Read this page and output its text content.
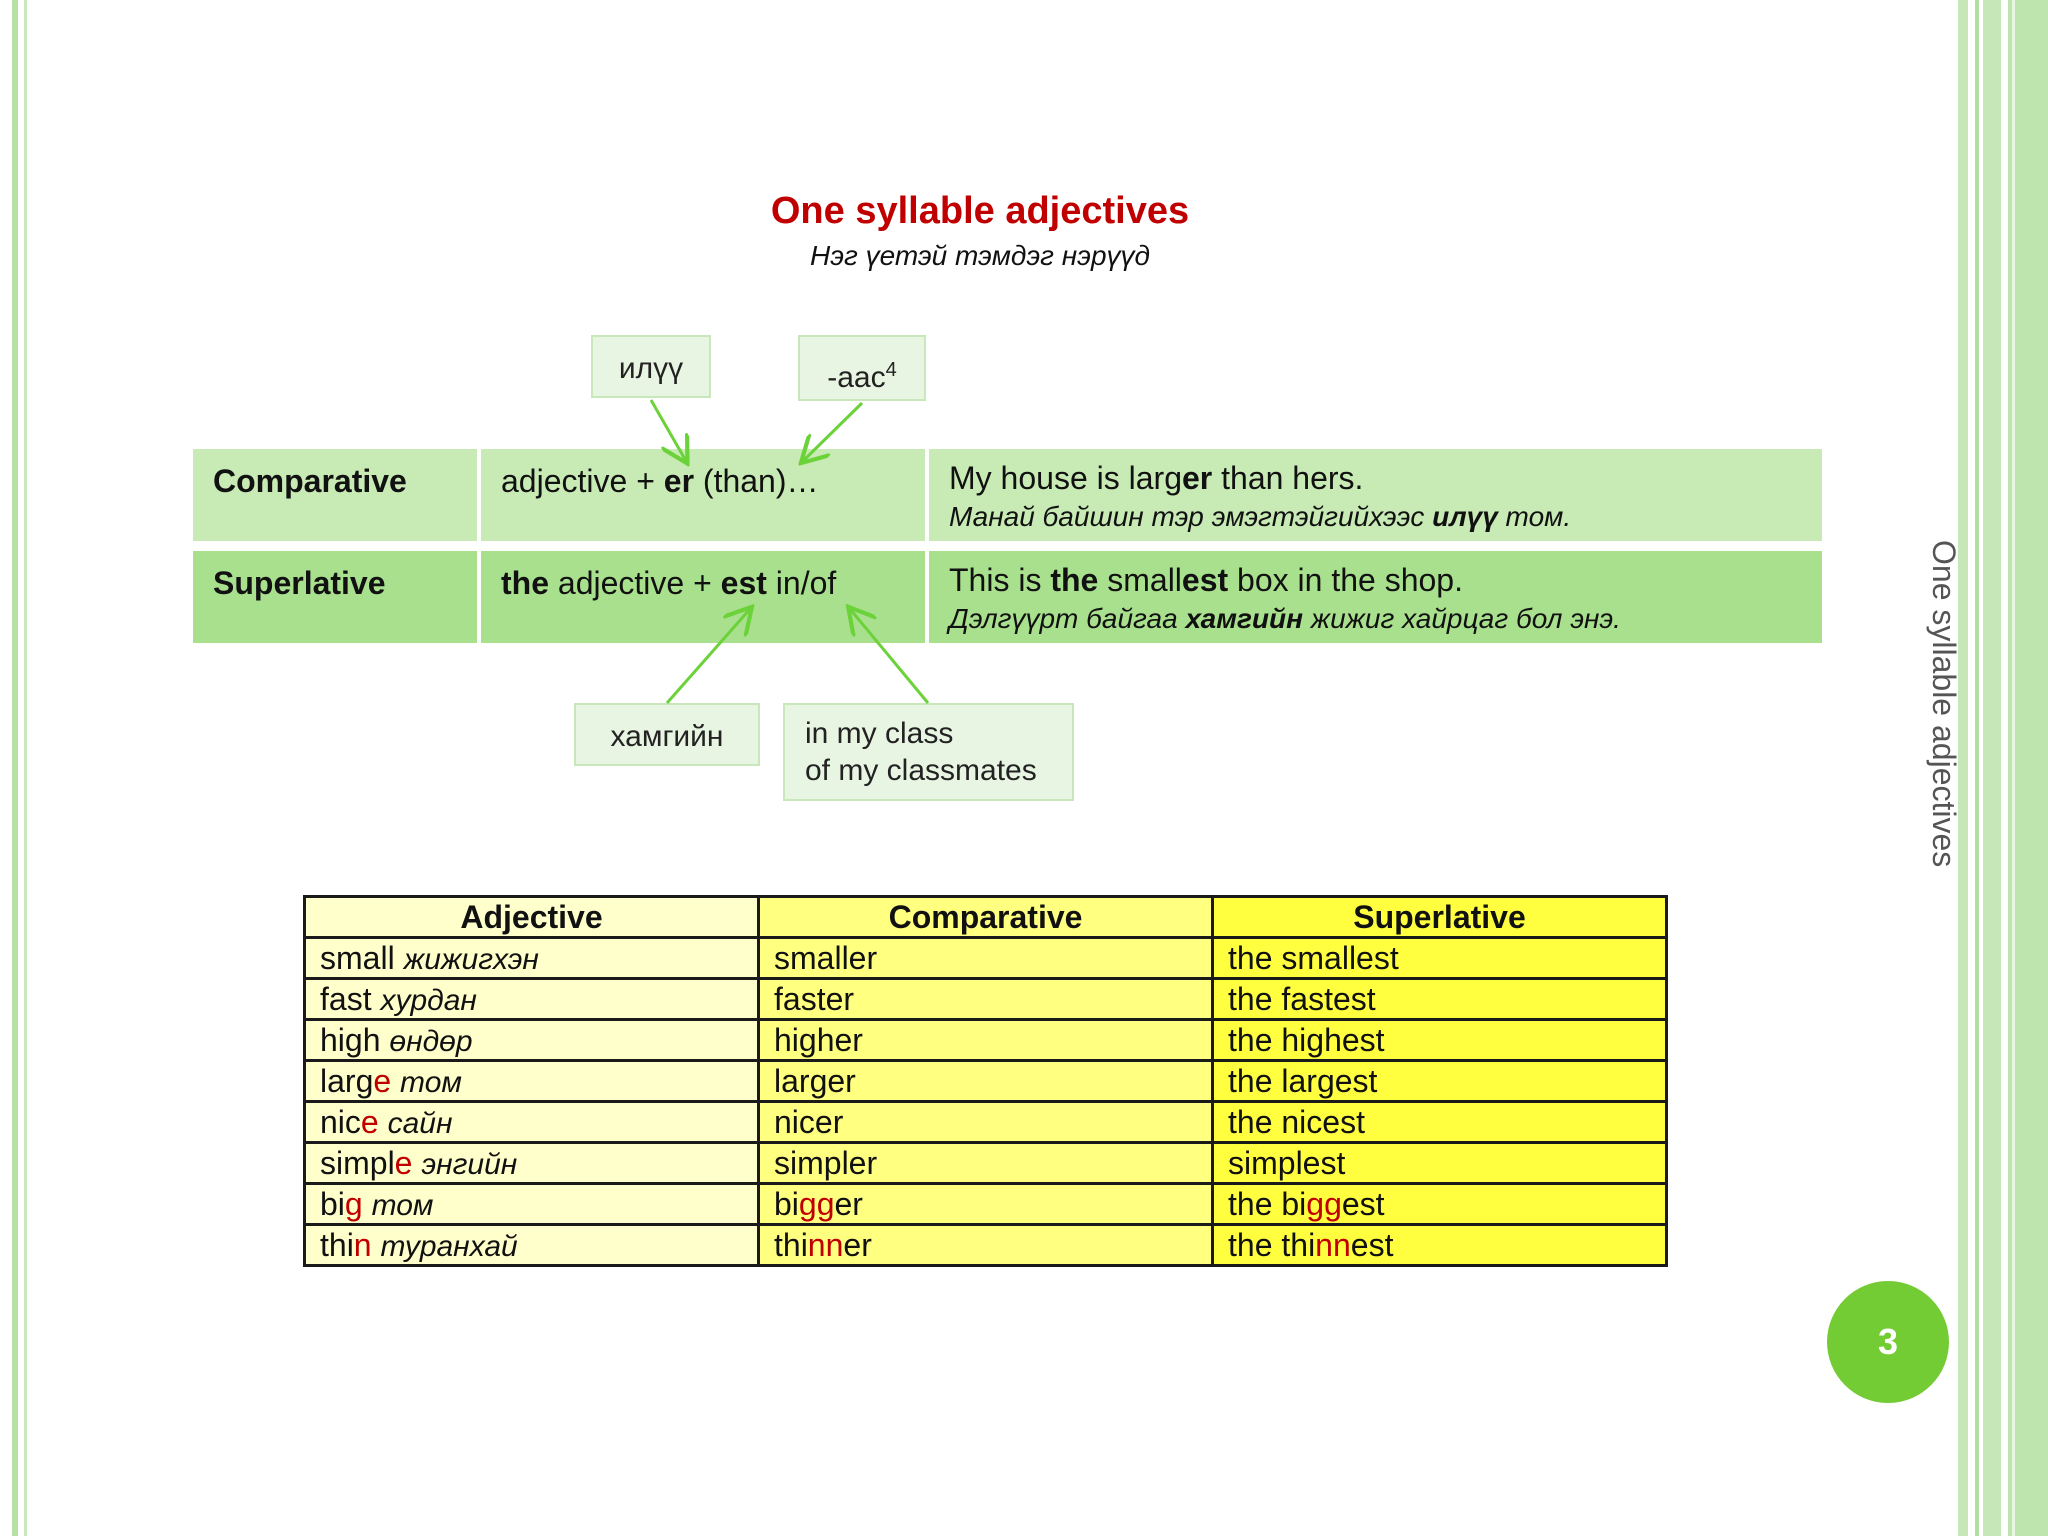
One syllable adjectives
Нэг үетэй тэмдэг нэрүүд
илүү	-аас$^4$
хамгийн	in my class
of my classmates
Comparative	adjective + er (than)…	My house is larger than hers.
Манай байшин тэр эмэгтэйгийхээс илүү том.
Superlative	the adjective + est in/of	This is the smallest box in the shop.
Дэлгүүрт байгаа хамгийн жижиг хайрцаг бол энэ.
Adjective	Comparative	Superlative
small жижигхэн	smaller	the smallest
fast хурдан	faster	the fastest
high өндөр	higher	the highest
large том	larger	the largest
nice сайн	nicer	the nicest
simple энгийн	simpler	simplest
big том	bigger	the biggest
thin туранхай	thinner	the thinnest
One syllable adjectives
3
